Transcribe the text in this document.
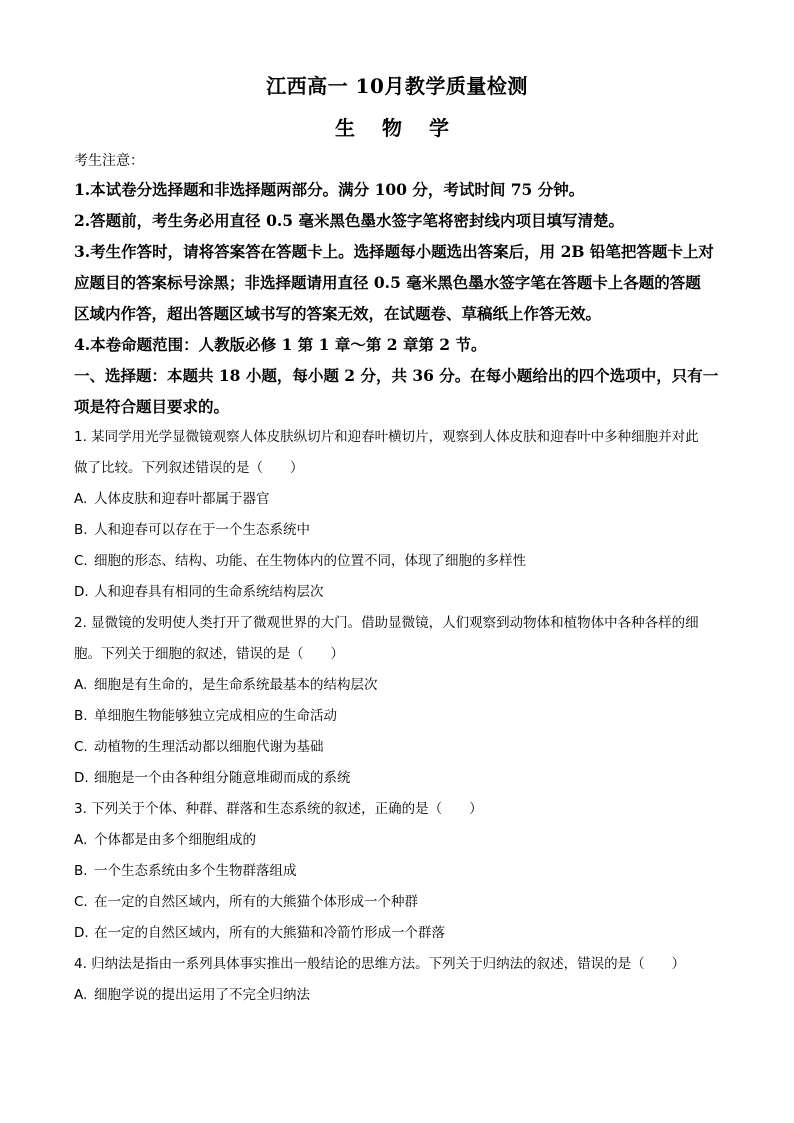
江西高一 10月教学质量检测
生 物 学

考生注意：

1.本试卷分选择题和非选择题两部分。满分 100 分，考试时间 75 分钟。

2.答题前，考生务必用直径 0.5 毫米黑色墨水签字笔将密封线内项目填写清楚。

3.考生作答时，请将答案答在答题卡上。选择题每小题选出答案后，用 2B 铅笔把答题卡上对

应题目的答案标号涂黑；非选择题请用直径 0.5 毫米黑色墨水签字笔在答题卡上各题的答题

区域内作答，超出答题区域书写的答案无效，在试题卷、草稿纸上作答无效。

4.本卷命题范围：人教版必修 1 第 1 章～第 2 章第 2 节。

一、选择题：本题共 18 小题，每小题 2 分，共 36 分。在每小题给出的四个选项中，只有一

项是符合题目要求的。

1. 某同学用光学显微镜观察人体皮肤纵切片和迎春叶横切片，观察到人体皮肤和迎春叶中多种细胞并对此

做了比较。下列叙述错误的是（　　）

A. 人体皮肤和迎春叶都属于器官

B. 人和迎春可以存在于一个生态系统中

C. 细胞的形态、结构、功能、在生物体内的位置不同，体现了细胞的多样性

D. 人和迎春具有相同的生命系统结构层次

2. 显微镜的发明使人类打开了微观世界的大门。借助显微镜，人们观察到动物体和植物体中各种各样的细

胞。下列关于细胞的叙述，错误的是（　　）

A. 细胞是有生命的，是生命系统最基本的结构层次

B. 单细胞生物能够独立完成相应的生命活动

C. 动植物的生理活动都以细胞代谢为基础

D. 细胞是一个由各种组分随意堆砌而成的系统

3. 下列关于个体、种群、群落和生态系统的叙述，正确的是（　　）

A. 个体都是由多个细胞组成的

B. 一个生态系统由多个生物群落组成

C. 在一定的自然区域内，所有的大熊猫个体形成一个种群

D. 在一定的自然区域内，所有的大熊猫和冷箭竹形成一个群落

4. 归纳法是指由一系列具体事实推出一般结论的思维方法。下列关于归纳法的叙述，错误的是（　　）

A. 细胞学说的提出运用了不完全归纳法
